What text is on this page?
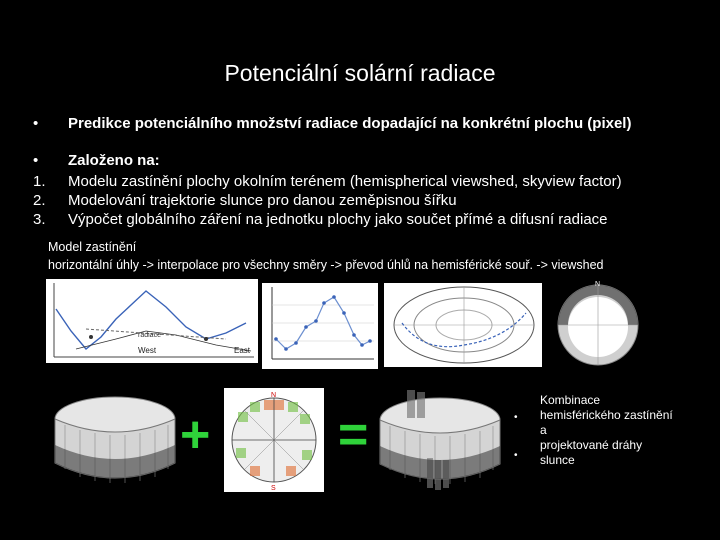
Potenciální solární radiace
•	Predikce potenciálního množství radiace dopadající na konkrétní plochu (pixel)
•	Založeno na:
1.	Modelu zastínění plochy okolním terénem (hemispherical viewshed, skyview factor)
2.	Modelování trajektorie slunce pro danou zeměpisnou šířku
3.	Výpočet globálního záření na jednotku plochy jako součet přímé a difusní radiace
Model zastínění
horizontální úhly -> interpolace pro všechny směry -> převod úhlů na hemisférické souř. -> viewshed
radiace
West	East
N
+
N
S
=	•
•
Kombinace hemisférického zastínění a
projektované dráhy slunce
